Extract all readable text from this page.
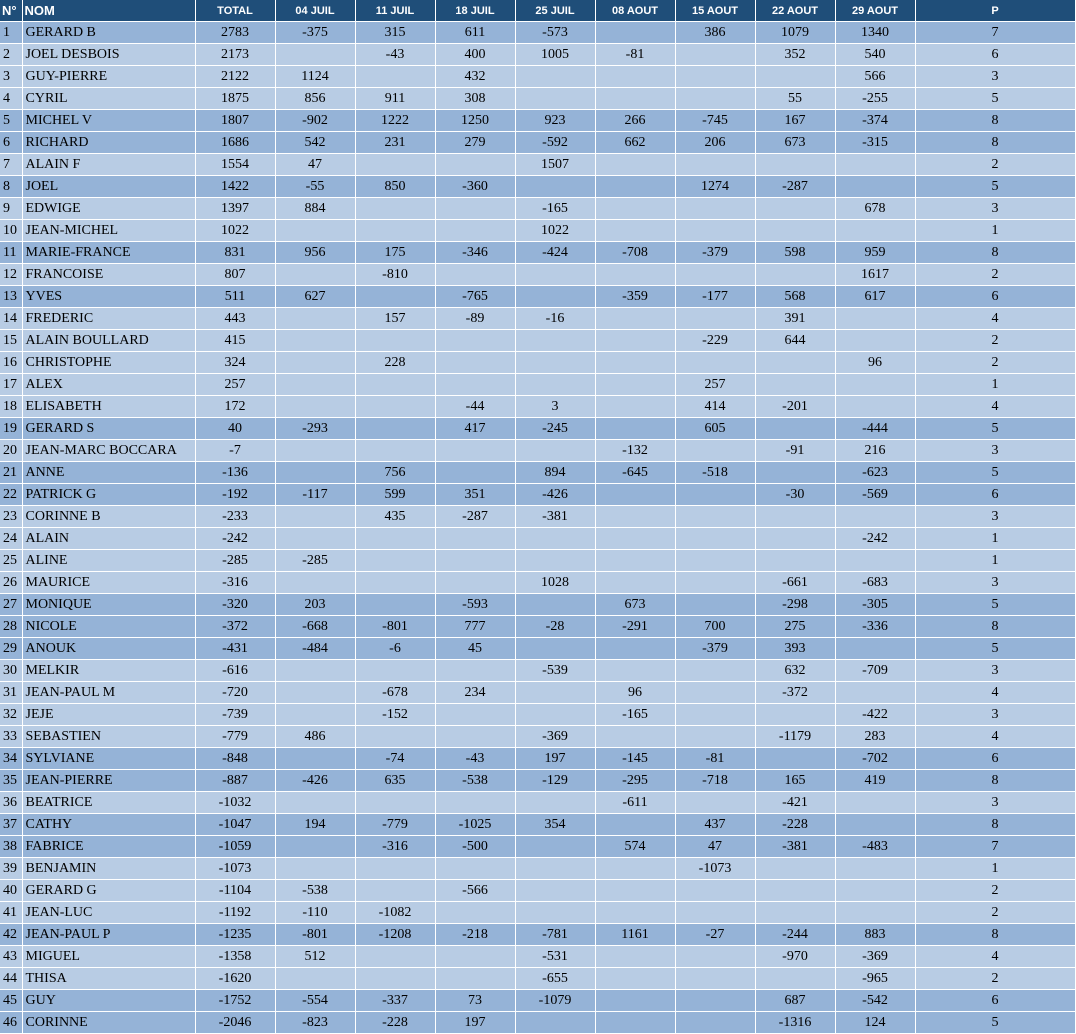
N°	NOM	TOTAL	04 JUIL	11 JUIL	18 JUIL	25 JUIL	08 AOUT	15 AOUT	22 AOUT	29 AOUT	P
1	GERARD B	2783	-375	315	611	-573		386	1079	1340	7
2	JOEL DESBOIS	2173		-43	400	1005	-81		352	540	6
3	GUY-PIERRE	2122	1124		432					566	3
4	CYRIL	1875	856	911	308				55	-255	5
5	MICHEL V	1807	-902	1222	1250	923	266	-745	167	-374	8
6	RICHARD	1686	542	231	279	-592	662	206	673	-315	8
7	ALAIN F	1554	47			1507					2
8	JOEL	1422	-55	850	-360			1274	-287		5
9	EDWIGE	1397	884			-165				678	3
10	JEAN-MICHEL	1022				1022					1
11	MARIE-FRANCE	831	956	175	-346	-424	-708	-379	598	959	8
12	FRANCOISE	807		-810						1617	2
13	YVES	511	627		-765		-359	-177	568	617	6
14	FREDERIC	443		157	-89	-16			391		4
15	ALAIN BOULLARD	415						-229	644		2
16	CHRISTOPHE	324		228						96	2
17	ALEX	257						257			1
18	ELISABETH	172			-44	3		414	-201		4
19	GERARD S	40	-293		417	-245		605		-444	5
20	JEAN-MARC BOCCARA	-7					-132		-91	216	3
21	ANNE	-136		756		894	-645	-518		-623	5
22	PATRICK G	-192	-117	599	351	-426			-30	-569	6
23	CORINNE B	-233		435	-287	-381					3
24	ALAIN	-242								-242	1
25	ALINE	-285	-285								1
26	MAURICE	-316				1028			-661	-683	3
27	MONIQUE	-320	203		-593		673		-298	-305	5
28	NICOLE	-372	-668	-801	777	-28	-291	700	275	-336	8
29	ANOUK	-431	-484	-6	45			-379	393		5
30	MELKIR	-616				-539			632	-709	3
31	JEAN-PAUL M	-720		-678	234		96		-372		4
32	JEJE	-739		-152			-165			-422	3
33	SEBASTIEN	-779	486			-369			-1179	283	4
34	SYLVIANE	-848		-74	-43	197	-145	-81		-702	6
35	JEAN-PIERRE	-887	-426	635	-538	-129	-295	-718	165	419	8
36	BEATRICE	-1032					-611		-421		3
37	CATHY	-1047	194	-779	-1025	354		437	-228		8
38	FABRICE	-1059		-316	-500		574	47	-381	-483	7
39	BENJAMIN	-1073						-1073			1
40	GERARD G	-1104	-538		-566						2
41	JEAN-LUC	-1192	-110	-1082							2
42	JEAN-PAUL P	-1235	-801	-1208	-218	-781	1161	-27	-244	883	8
43	MIGUEL	-1358	512			-531			-970	-369	4
44	THISA	-1620				-655				-965	2
45	GUY	-1752	-554	-337	73	-1079			687	-542	6
46	CORINNE	-2046	-823	-228	197				-1316	124	5
